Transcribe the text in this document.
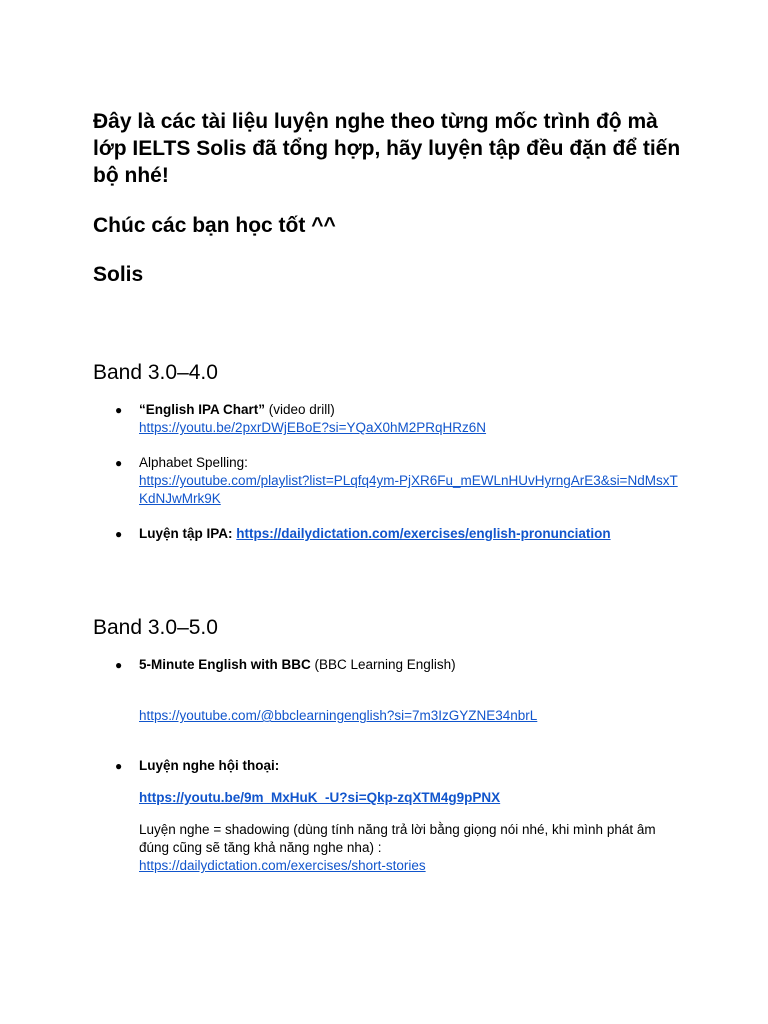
Đây là các tài liệu luyện nghe theo từng mốc trình độ mà lớp IELTS Solis đã tổng hợp, hãy luyện tập đều đặn để tiến bộ nhé!

Chúc các bạn học tốt ^^

Solis

Band 3.0–4.0
● “English IPA Chart” (video drill)
https://youtu.be/2pxrDWjEBoE?si=YQaX0hM2PRqHRz6N
● Alphabet Spelling:
https://youtube.com/playlist?list=PLqfq4ym-PjXR6Fu_mEWLnHUvHyrngArE3&si=NdMsxTKdNJwMrk9K
● Luyện tập IPA: https://dailydictation.com/exercises/english-pronunciation
Band 3.0–5.0
● 5-Minute English with BBC (BBC Learning English)
https://youtube.com/@bbclearningenglish?si=7m3IzGYZNE34nbrL
● Luyện nghe hội thoại:
https://youtu.be/9m_MxHuK_-U?si=Qkp-zqXTM4g9pPNX
Luyện nghe = shadowing (dùng tính năng trả lời bằng giọng nói nhé, khi mình phát âm đúng cũng sẽ tăng khả năng nghe nha) :
https://dailydictation.com/exercises/short-stories
